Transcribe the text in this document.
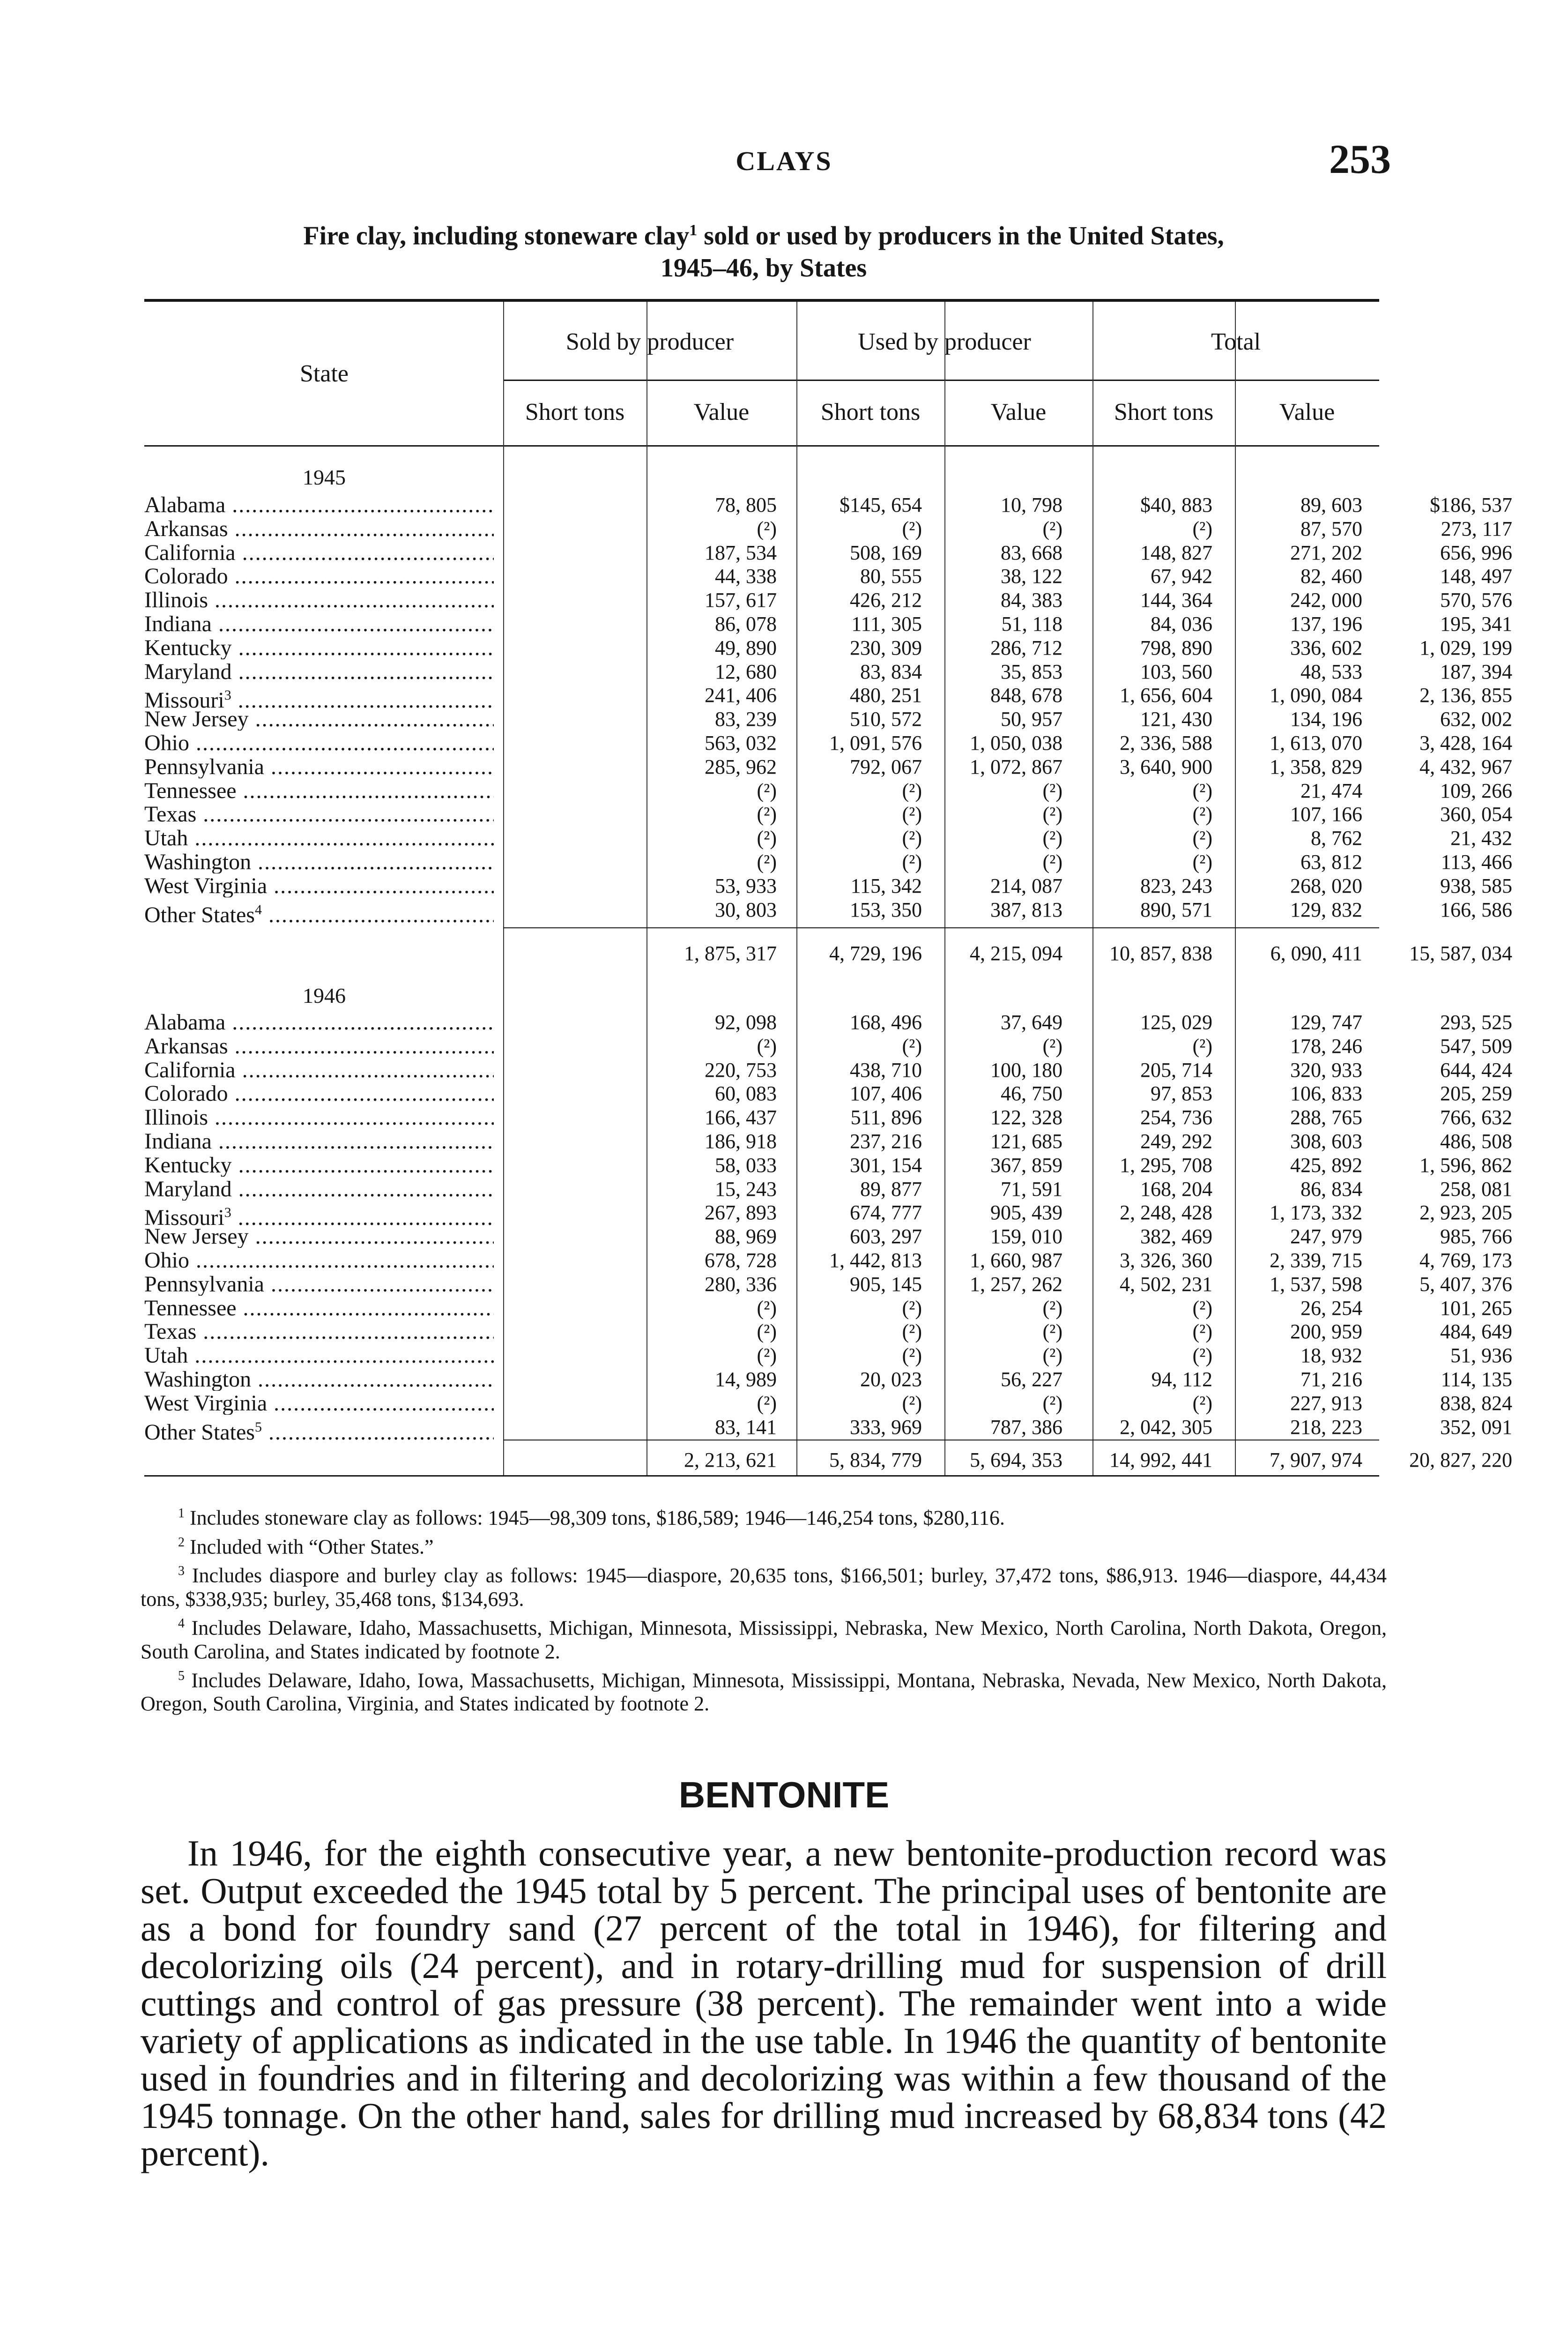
CLAYS	253
Fire clay, including stoneware clay$^1$ sold or used by producers in the United States,
1945–46, by States
State
Sold by producer	Used by producer	Total
Short tons	Value	Short tons	Value	Short tons	Value
1945
Alabama .....	78, 805	$145, 654	10, 798	$40, 883	89, 603	$186, 537
Arkansas .....	(²)	(²)	(²)	(²)	87, 570	273, 117
California .....	187, 534	508, 169	83, 668	148, 827	271, 202	656, 996
Colorado .....	44, 338	80, 555	38, 122	67, 942	82, 460	148, 497
Illinois .....	157, 617	426, 212	84, 383	144, 364	242, 000	570, 576
Indiana .....	86, 078	111, 305	51, 118	84, 036	137, 196	195, 341
Kentucky .....	49, 890	230, 309	286, 712	798, 890	336, 602	1, 029, 199
Maryland .....	12, 680	83, 834	35, 853	103, 560	48, 533	187, 394
Missouri$^3$ .....	241, 406	480, 251	848, 678	1, 656, 604	1, 090, 084	2, 136, 855
New Jersey .....	83, 239	510, 572	50, 957	121, 430	134, 196	632, 002
Ohio .....	563, 032	1, 091, 576	1, 050, 038	2, 336, 588	1, 613, 070	3, 428, 164
Pennsylvania .....	285, 962	792, 067	1, 072, 867	3, 640, 900	1, 358, 829	4, 432, 967
Tennessee .....	(²)	(²)	(²)	(²)	21, 474	109, 266
Texas .....	(²)	(²)	(²)	(²)	107, 166	360, 054
Utah .....	(²)	(²)	(²)	(²)	8, 762	21, 432
Washington .....	(²)	(²)	(²)	(²)	63, 812	113, 466
West Virginia .....	53, 933	115, 342	214, 087	823, 243	268, 020	938, 585
Other States$^4$ .....	30, 803	153, 350	387, 813	890, 571	129, 832	166, 586
1, 875, 317	4, 729, 196	4, 215, 094	10, 857, 838	6, 090, 411	15, 587, 034
1946
Alabama .....	92, 098	168, 496	37, 649	125, 029	129, 747	293, 525
Arkansas .....	(²)	(²)	(²)	(²)	178, 246	547, 509
California .....	220, 753	438, 710	100, 180	205, 714	320, 933	644, 424
Colorado .....	60, 083	107, 406	46, 750	97, 853	106, 833	205, 259
Illinois .....	166, 437	511, 896	122, 328	254, 736	288, 765	766, 632
Indiana .....	186, 918	237, 216	121, 685	249, 292	308, 603	486, 508
Kentucky .....	58, 033	301, 154	367, 859	1, 295, 708	425, 892	1, 596, 862
Maryland .....	15, 243	89, 877	71, 591	168, 204	86, 834	258, 081
Missouri$^3$ .....	267, 893	674, 777	905, 439	2, 248, 428	1, 173, 332	2, 923, 205
New Jersey .....	88, 969	603, 297	159, 010	382, 469	247, 979	985, 766
Ohio .....	678, 728	1, 442, 813	1, 660, 987	3, 326, 360	2, 339, 715	4, 769, 173
Pennsylvania .....	280, 336	905, 145	1, 257, 262	4, 502, 231	1, 537, 598	5, 407, 376
Tennessee .....	(²)	(²)	(²)	(²)	26, 254	101, 265
Texas .....	(²)	(²)	(²)	(²)	200, 959	484, 649
Utah .....	(²)	(²)	(²)	(²)	18, 932	51, 936
Washington .....	14, 989	20, 023	56, 227	94, 112	71, 216	114, 135
West Virginia .....	(²)	(²)	(²)	(²)	227, 913	838, 824
Other States$^5$ .....	83, 141	333, 969	787, 386	2, 042, 305	218, 223	352, 091
2, 213, 621	5, 834, 779	5, 694, 353	14, 992, 441	7, 907, 974	20, 827, 220

$^1$ Includes stoneware clay as follows: 1945—98,309 tons, $186,589; 1946—146,254 tons, $280,116.

$^2$ Included with “Other States.”

$^3$ Includes diaspore and burley clay as follows: 1945—diaspore, 20,635 tons, $166,501; burley, 37,472 tons, $86,913. 1946—diaspore, 44,434 tons, $338,935; burley, 35,468 tons, $134,693.

$^4$ Includes Delaware, Idaho, Massachusetts, Michigan, Minnesota, Mississippi, Nebraska, New Mexico, North Carolina, North Dakota, Oregon, South Carolina, and States indicated by footnote 2.

$^5$ Includes Delaware, Idaho, Iowa, Massachusetts, Michigan, Minnesota, Mississippi, Montana, Nebraska, Nevada, New Mexico, North Dakota, Oregon, South Carolina, Virginia, and States indicated by footnote 2.

BENTONITE

In 1946, for the eighth consecutive year, a new bentonite-production record was set. Output exceeded the 1945 total by 5 percent. The principal uses of bentonite are as a bond for foundry sand (27 percent of the total in 1946), for filtering and decolorizing oils (24 percent), and in rotary-drilling mud for suspension of drill cuttings and control of gas pressure (38 percent). The remainder went into a wide variety of applications as indicated in the use table. In 1946 the quantity of bentonite used in foundries and in filtering and decolorizing was within a few thousand of the 1945 tonnage. On the other hand, sales for drilling mud increased by 68,834 tons (42 percent).
